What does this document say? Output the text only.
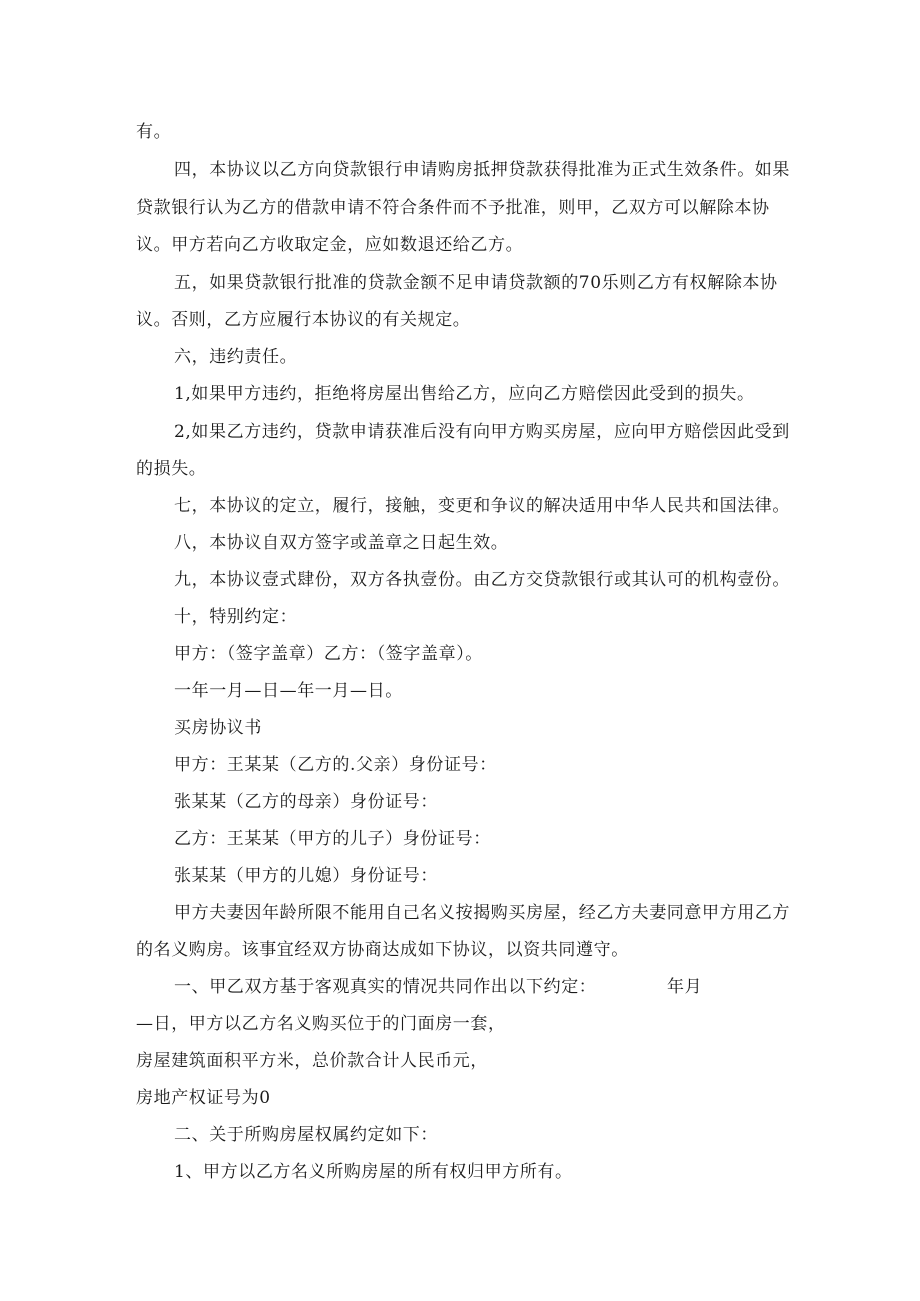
有。
四，本协议以乙方向贷款银行申请购房抵押贷款获得批准为正式生效条件。如果
贷款银行认为乙方的借款申请不符合条件而不予批准，则甲，乙双方可以解除本协
议。甲方若向乙方收取定金，应如数退还给乙方。
五，如果贷款银行批准的贷款金额不足申请贷款额的70乐则乙方有权解除本协
议。否则，乙方应履行本协议的有关规定。
六，违约责任。
1,如果甲方违约，拒绝将房屋出售给乙方，应向乙方赔偿因此受到的损失。
2,如果乙方违约，贷款申请获准后没有向甲方购买房屋，应向甲方赔偿因此受到
的损失。
七，本协议的定立，履行，接触，变更和争议的解决适用中华人民共和国法律。
八，本协议自双方签字或盖章之日起生效。
九，本协议壹式肆份，双方各执壹份。由乙方交贷款银行或其认可的机构壹份。
十，特别约定：
甲方：（签字盖章）乙方：（签字盖章）。
一年一月—日—年一月—日。
买房协议书
甲方：王某某（乙方的.父亲）身份证号：
张某某（乙方的母亲）身份证号：
乙方：王某某（甲方的儿子）身份证号：
张某某（甲方的儿媳）身份证号：
甲方夫妻因年龄所限不能用自己名义按揭购买房屋，经乙方夫妻同意甲方用乙方
的名义购房。该事宜经双方协商达成如下协议，以资共同遵守。
一、甲乙双方基于客观真实的情况共同作出以下约定：	年月
—日，甲方以乙方名义购买位于的门面房一套，
房屋建筑面积平方米，总价款合计人民币元，
房地产权证号为0
二、关于所购房屋权属约定如下：
1、甲方以乙方名义所购房屋的所有权归甲方所有。
